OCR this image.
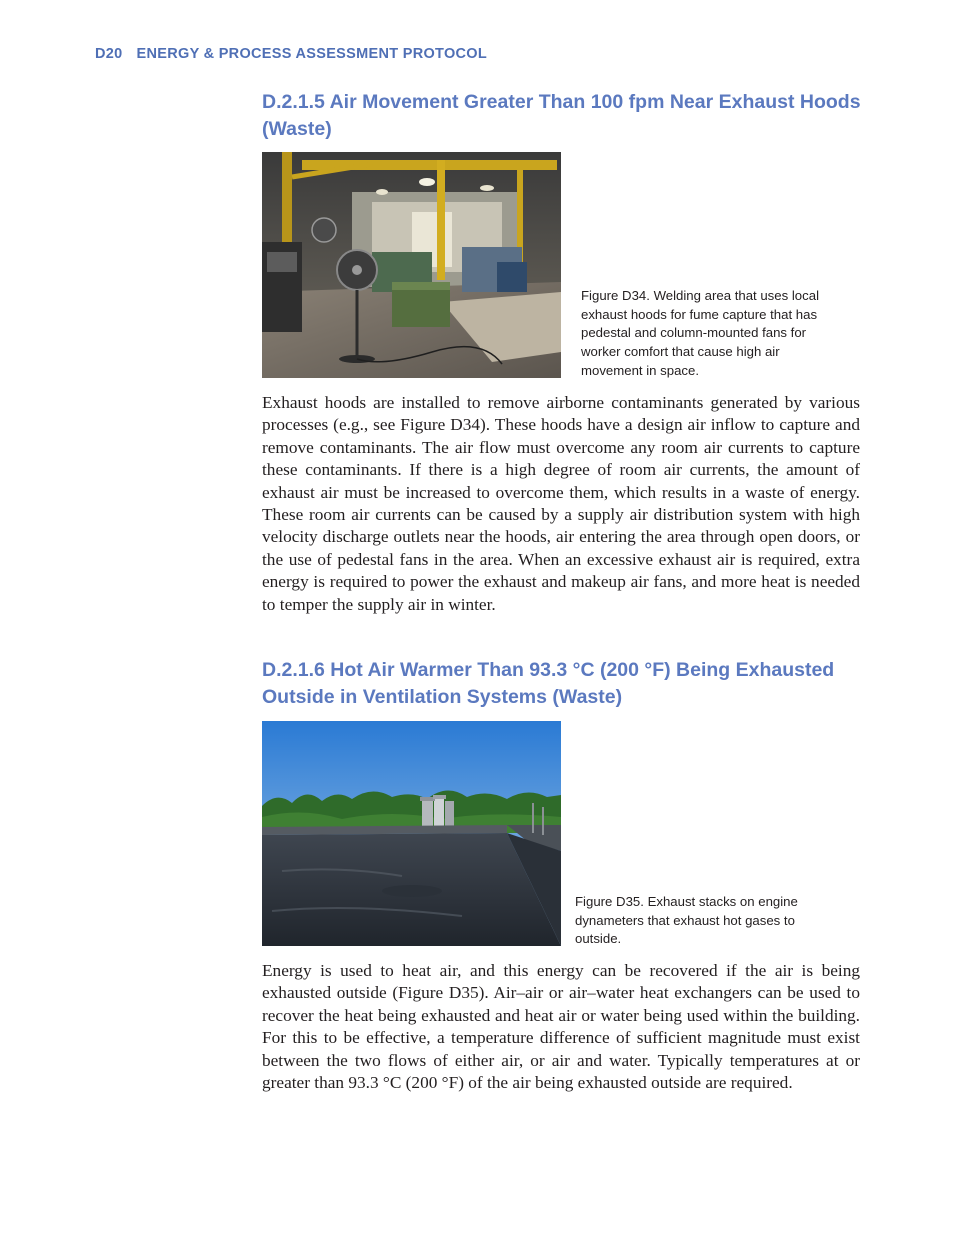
D20 ENERGY & PROCESS ASSESSMENT PROTOCOL
D.2.1.5 Air Movement Greater Than 100 fpm Near Exhaust Hoods (Waste)

Figure D34. Welding area that uses local exhaust hoods for fume capture that has pedestal and column-mounted fans for worker comfort that cause high air movement in space.

Exhaust hoods are installed to remove airborne contaminants generated by various processes (e.g., see Figure D34). These hoods have a design air inflow to capture and remove contaminants. The air flow must overcome any room air currents to capture these contaminants. If there is a high degree of room air currents, the amount of exhaust air must be increased to overcome them, which results in a waste of energy. These room air currents can be caused by a supply air distribution system with high velocity discharge outlets near the hoods, air entering the area through open doors, or the use of pedestal fans in the area. When an excessive exhaust air is required, extra energy is required to power the exhaust and makeup air fans, and more heat is needed to temper the supply air in winter.

D.2.1.6 Hot Air Warmer Than 93.3 °C (200 °F) Being Exhausted Outside in Ventilation Systems (Waste)

Figure D35. Exhaust stacks on engine dynameters that exhaust hot gases to outside.

Energy is used to heat air, and this energy can be recovered if the air is being exhausted outside (Figure D35). Air–air or air–water heat exchangers can be used to recover the heat being exhausted and heat air or water being used within the building. For this to be effective, a temperature difference of sufficient magnitude must exist between the two flows of either air, or air and water. Typically temperatures at or greater than 93.3 °C (200 °F) of the air being exhausted outside are required.
